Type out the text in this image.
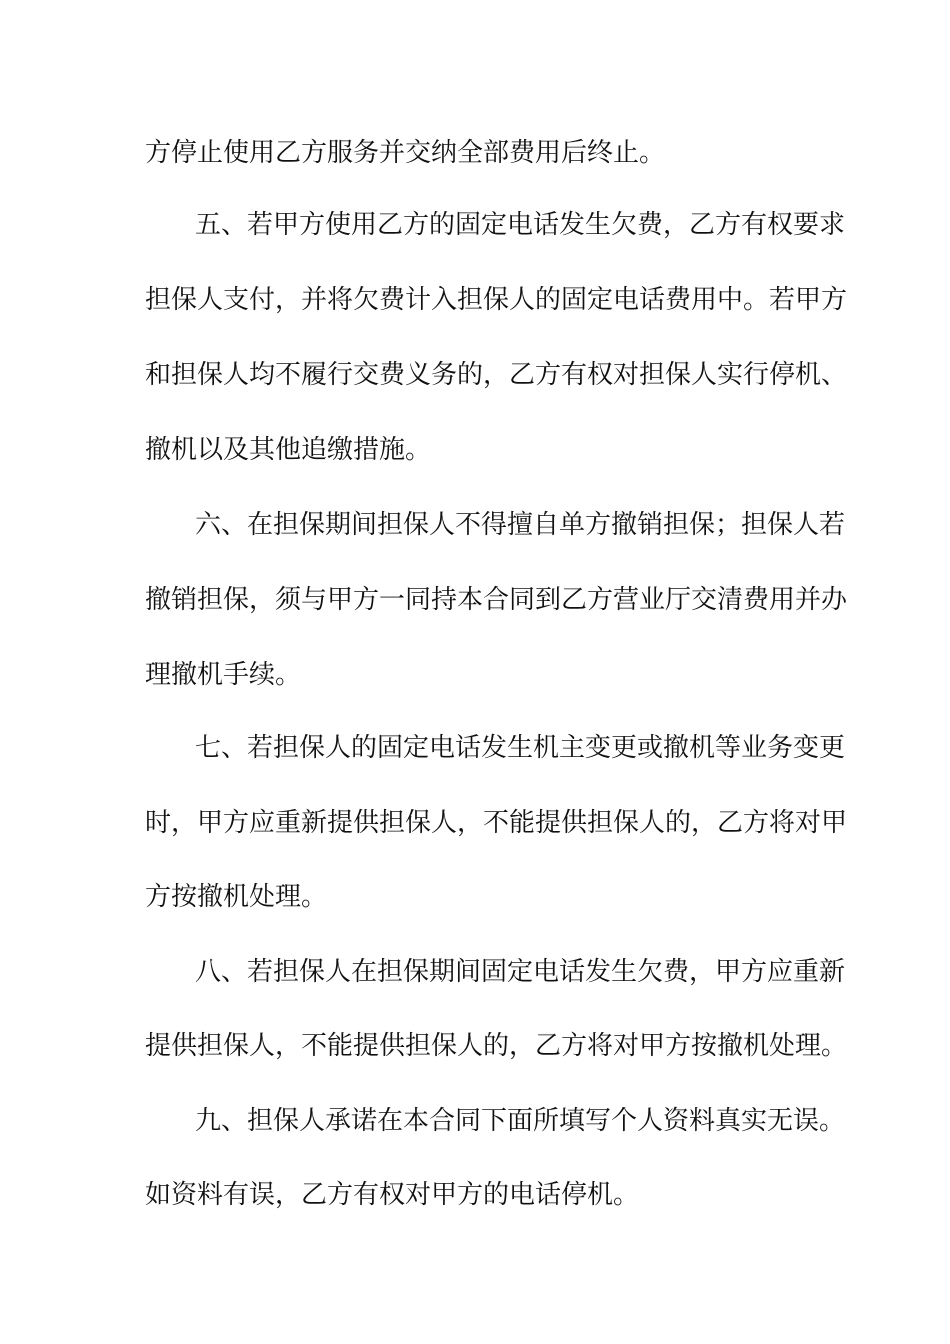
方停止使用乙方服务并交纳全部费用后终止。
五、若甲方使用乙方的固定电话发生欠费，乙方有权要求
担保人支付，并将欠费计入担保人的固定电话费用中。若甲方
和担保人均不履行交费义务的，乙方有权对担保人实行停机、
撤机以及其他追缴措施。
六、在担保期间担保人不得擅自单方撤销担保；担保人若
撤销担保，须与甲方一同持本合同到乙方营业厅交清费用并办
理撤机手续。
七、若担保人的固定电话发生机主变更或撤机等业务变更
时，甲方应重新提供担保人，不能提供担保人的，乙方将对甲
方按撤机处理。
八、若担保人在担保期间固定电话发生欠费，甲方应重新
提供担保人，不能提供担保人的，乙方将对甲方按撤机处理。
九、担保人承诺在本合同下面所填写个人资料真实无误。
如资料有误，乙方有权对甲方的电话停机。
